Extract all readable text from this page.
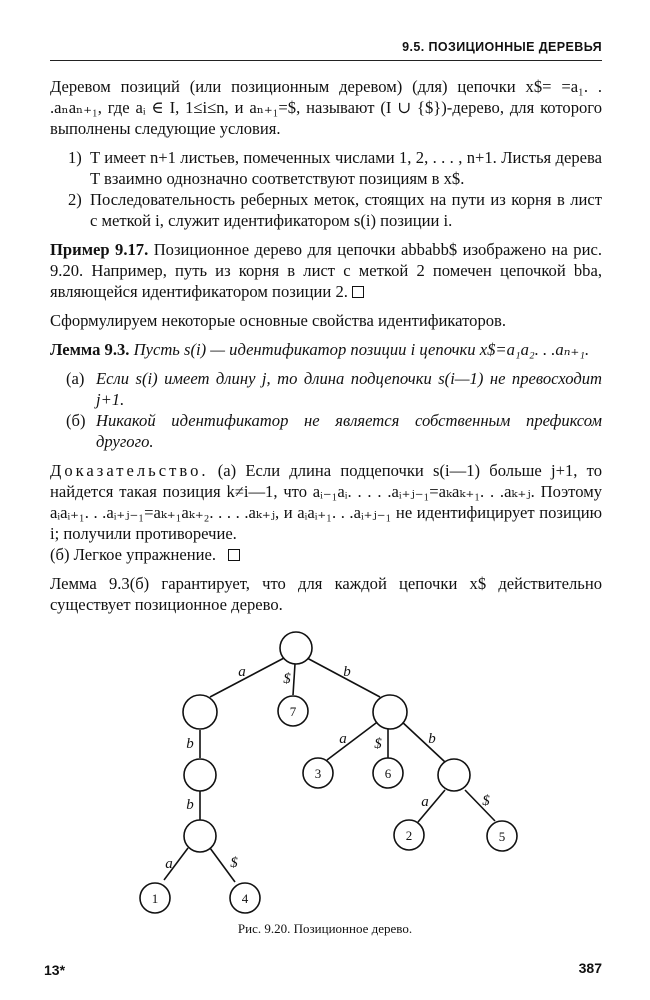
9.5. ПОЗИЦИОННЫЕ ДЕРЕВЬЯ

Деревом позиций (или позиционным деревом) (для) цепочки x$= =a₁. . .aₙaₙ₊₁, где aᵢ ∈ I, 1≤i≤n, и aₙ₊₁=$, называют (I ∪ {$})-дерево, для которого выполнены следующие условия.

1) T имеет n+1 листьев, помеченных числами 1, 2, . . . , n+1. Листья дерева T взаимно однозначно соответствуют позициям в x$.
2) Последовательность реберных меток, стоящих на пути из корня в лист с меткой i, служит идентификатором s(i) позиции i.

Пример 9.17. Позиционное дерево для цепочки abbabb$ изображено на рис. 9.20. Например, путь из корня в лист с меткой 2 помечен цепочкой bba, являющейся идентификатором позиции 2.

Сформулируем некоторые основные свойства идентификаторов.

Лемма 9.3. Пусть s(i) — идентификатор позиции i цепочки x$=a₁a₂. . .aₙ₊₁.

(а) Если s(i) имеет длину j, то длина подцепочки s(i—1) не превосходит j+1.
(б) Никакой идентификатор не является собственным префиксом другого.

Доказательство. (а) Если длина подцепочки s(i—1) больше j+1, то найдется такая позиция k≠i—1, что aᵢ₋₁aᵢ. . . . .aᵢ₊ⱼ₋₁=aₖaₖ₊₁. . .aₖ₊ⱼ. Поэтому aᵢaᵢ₊₁. . .aᵢ₊ⱼ₋₁=aₖ₊₁aₖ₊₂. . . . .aₖ₊ⱼ, и aᵢaᵢ₊₁. . .aᵢ₊ⱼ₋₁ не идентифицирует позицию i; получили противоречие.

(б) Легкое упражнение.

Лемма 9.3(б) гарантирует, что для каждой цепочки x$ действительно существует позиционное дерево.

7
3	6
2	5
1	4
a	$	b
b
b
a $	b
a	$
a	$
Рис. 9.20. Позиционное дерево.
13*	387
